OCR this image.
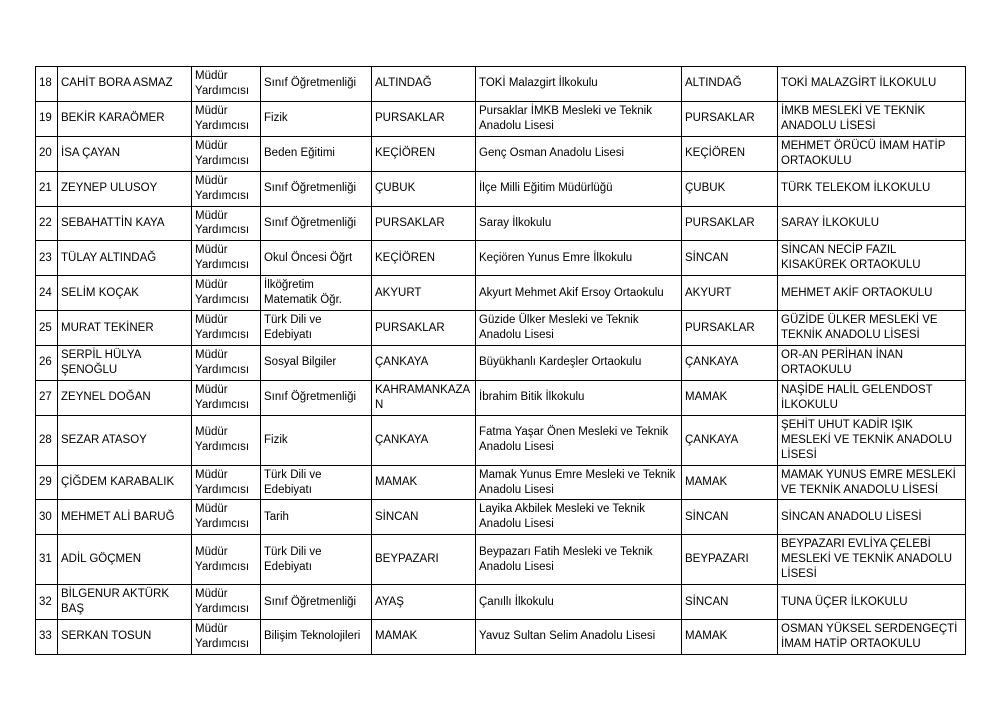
18	CAHİT BORA ASMAZ	Müdür Yardımcısı	Sınıf Öğretmenliği	ALTINDAĞ	TOKİ Malazgirt İlkokulu	ALTINDAĞ	TOKİ MALAZGİRT İLKOKULU
19	BEKİR KARAÖMER	Müdür Yardımcısı	Fizik	PURSAKLAR	Pursaklar İMKB Mesleki ve Teknik Anadolu Lisesi	PURSAKLAR	İMKB MESLEKİ VE TEKNİK ANADOLU LİSESİ
20	İSA ÇAYAN	Müdür Yardımcısı	Beden Eğitimi	KEÇİÖREN	Genç Osman Anadolu Lisesi	KEÇİÖREN	MEHMET ÖRÜCÜ İMAM HATİP ORTAOKULU
21	ZEYNEP ULUSOY	Müdür Yardımcısı	Sınıf Öğretmenliği	ÇUBUK	İlçe Milli Eğitim Müdürlüğü	ÇUBUK	TÜRK TELEKOM İLKOKULU
22	SEBAHATTİN KAYA	Müdür Yardımcısı	Sınıf Öğretmenliği	PURSAKLAR	Saray İlkokulu	PURSAKLAR	SARAY İLKOKULU
23	TÜLAY ALTINDAĞ	Müdür Yardımcısı	Okul Öncesi Öğrt	KEÇİÖREN	Keçiören Yunus Emre İlkokulu	SİNCAN	SİNCAN NECİP FAZIL KISAKÜREK ORTAOKULU
24	SELİM KOÇAK	Müdür Yardımcısı	İlköğretim Matematik Öğr.	AKYURT	Akyurt Mehmet Akif Ersoy Ortaokulu	AKYURT	MEHMET AKİF ORTAOKULU
25	MURAT TEKİNER	Müdür Yardımcısı	Türk Dili ve Edebiyatı	PURSAKLAR	Güzide Ülker Mesleki ve Teknik Anadolu Lisesi	PURSAKLAR	GÜZİDE ÜLKER MESLEKİ VE TEKNİK ANADOLU LİSESİ
26	SERPİL HÜLYA ŞENOĞLU	Müdür Yardımcısı	Sosyal Bilgiler	ÇANKAYA	Büyükhanlı Kardeşler Ortaokulu	ÇANKAYA	OR-AN PERİHAN İNAN ORTAOKULU
27	ZEYNEL DOĞAN	Müdür Yardımcısı	Sınıf Öğretmenliği	KAHRAMANKAZAN	İbrahim Bitik İlkokulu	MAMAK	NAŞİDE HALİL GELENDOST İLKOKULU
28	SEZAR ATASOY	Müdür Yardımcısı	Fizik	ÇANKAYA	Fatma Yaşar Önen Mesleki ve Teknik Anadolu Lisesi	ÇANKAYA	ŞEHİT UHUT KADİR IŞIK MESLEKİ VE TEKNİK ANADOLU LİSESİ
29	ÇİĞDEM KARABALIK	Müdür Yardımcısı	Türk Dili ve Edebiyatı	MAMAK	Mamak Yunus Emre Mesleki ve Teknik Anadolu Lisesi	MAMAK	MAMAK YUNUS EMRE MESLEKİ VE TEKNİK ANADOLU LİSESİ
30	MEHMET ALİ BARUĞ	Müdür Yardımcısı	Tarih	SİNCAN	Layika Akbilek Mesleki ve Teknik Anadolu Lisesi	SİNCAN	SİNCAN ANADOLU LİSESİ
31	ADİL GÖÇMEN	Müdür Yardımcısı	Türk Dili ve Edebiyatı	BEYPAZARI	Beypazarı Fatih Mesleki ve Teknik Anadolu Lisesi	BEYPAZARI	BEYPAZARI EVLİYA ÇELEBİ MESLEKİ VE TEKNİK ANADOLU LİSESİ
32	BİLGENUR AKTÜRK BAŞ	Müdür Yardımcısı	Sınıf Öğretmenliği	AYAŞ	Çanıllı İlkokulu	SİNCAN	TUNA ÜÇER İLKOKULU
33	SERKAN TOSUN	Müdür Yardımcısı	Bilişim Teknolojileri	MAMAK	Yavuz Sultan Selim Anadolu Lisesi	MAMAK	OSMAN YÜKSEL SERDENGEÇTİ İMAM HATİP ORTAOKULU
